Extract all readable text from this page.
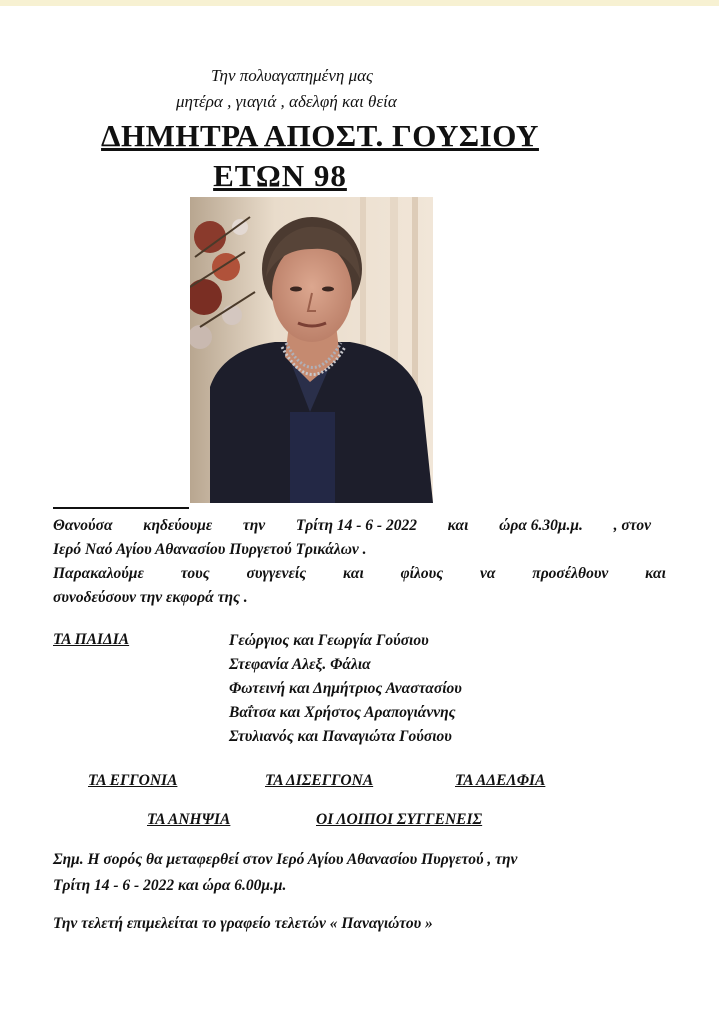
Την πολυαγαπημένη μας
μητέρα , γιαγιά , αδελφή και θεία
ΔΗΜΗΤΡΑ ΑΠΟΣΤ. ΓΟΥΣΙΟΥ
ΕΤΩΝ 98
Θανούσα κηδεύουμε την Τρίτη 14 - 6 - 2022 και ώρα 6.30μ.μ. , στον
Ιερό Ναό Αγίου Αθανασίου Πυργετού Τρικάλων .
Παρακαλούμε τους συγγενείς και φίλους να προσέλθουν και
συνοδεύσουν την εκφορά της .
ΤΑ ΠΑΙΔΙΑ	Γεώργιος και Γεωργία Γούσιου
Στεφανία Αλεξ. Φάλια
Φωτεινή και Δημήτριος Αναστασίου
Βαΐτσα και Χρήστος Αραπογιάννης
Στυλιανός και Παναγιώτα Γούσιου
ΤΑ ΕΓΓΟΝΙΑ	ΤΑ ΔΙΣΕΓΓΟΝΑ	ΤΑ ΑΔΕΛΦΙΑ
ΤΑ ΑΝΗΨΙΑ	ΟΙ ΛΟΙΠΟΙ ΣΥΓΓΕΝΕΙΣ
Σημ. Η σορός θα μεταφερθεί στον Ιερό Αγίου Αθανασίου Πυργετού , την
Τρίτη 14 - 6 - 2022 και ώρα 6.00μ.μ.
Την τελετή επιμελείται το γραφείο τελετών « Παναγιώτου »
